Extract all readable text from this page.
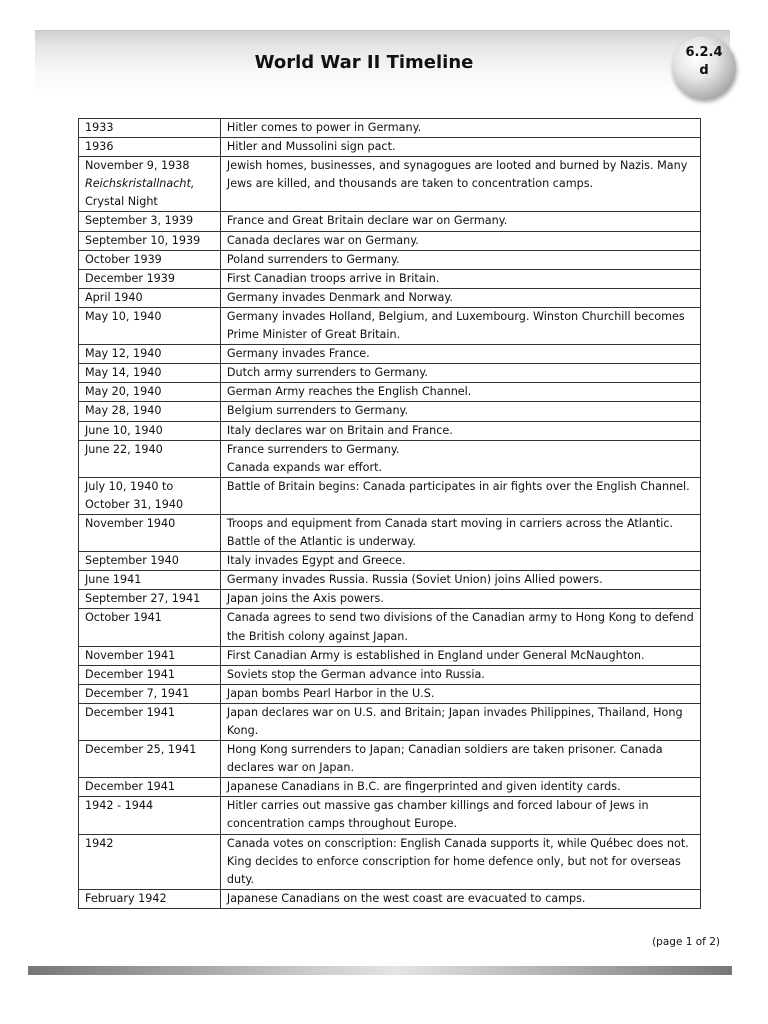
World War II Timeline	6.2.4
d
1933	Hitler comes to power in Germany.

1936	Hitler and Mussolini sign pact.

November 9, 1938
Reichskristallnacht,
Crystal Night	Jewish homes, businesses, and synagogues are looted and burned by Nazis. Many Jews are killed, and thousands are taken to concentration camps.

September 3, 1939	France and Great Britain declare war on Germany.

September 10, 1939	Canada declares war on Germany.

October 1939	Poland surrenders to Germany.

December 1939	First Canadian troops arrive in Britain.

April 1940	Germany invades Denmark and Norway.

May 10, 1940	Germany invades Holland, Belgium, and Luxembourg. Winston Churchill becomes Prime Minister of Great Britain.

May 12, 1940	Germany invades France.

May 14, 1940	Dutch army surrenders to Germany.

May 20, 1940	German Army reaches the English Channel.

May 28, 1940	Belgium surrenders to Germany.

June 10, 1940	Italy declares war on Britain and France.

June 22, 1940	France surrenders to Germany.
Canada expands war effort.

July 10, 1940 to
October 31, 1940	Battle of Britain begins: Canada participates in air fights over the English Channel.

November 1940	Troops and equipment from Canada start moving in carriers across the Atlantic.
Battle of the Atlantic is underway.

September 1940	Italy invades Egypt and Greece.

June 1941	Germany invades Russia. Russia (Soviet Union) joins Allied powers.

September 27, 1941	Japan joins the Axis powers.

October 1941	Canada agrees to send two divisions of the Canadian army to Hong Kong to defend the British colony against Japan.

November 1941	First Canadian Army is established in England under General McNaughton.

December 1941	Soviets stop the German advance into Russia.

December 7, 1941	Japan bombs Pearl Harbor in the U.S.

December 1941	Japan declares war on U.S. and Britain; Japan invades Philippines, Thailand, Hong Kong.

December 25, 1941	Hong Kong surrenders to Japan; Canadian soldiers are taken prisoner. Canada declares war on Japan.

December 1941	Japanese Canadians in B.C. are fingerprinted and given identity cards.

1942 - 1944	Hitler carries out massive gas chamber killings and forced labour of Jews in concentration camps throughout Europe.

1942	Canada votes on conscription: English Canada supports it, while Québec does not. King decides to enforce conscription for home defence only, but not for overseas duty.

February 1942	Japanese Canadians on the west coast are evacuated to camps.
(page 1 of 2)
